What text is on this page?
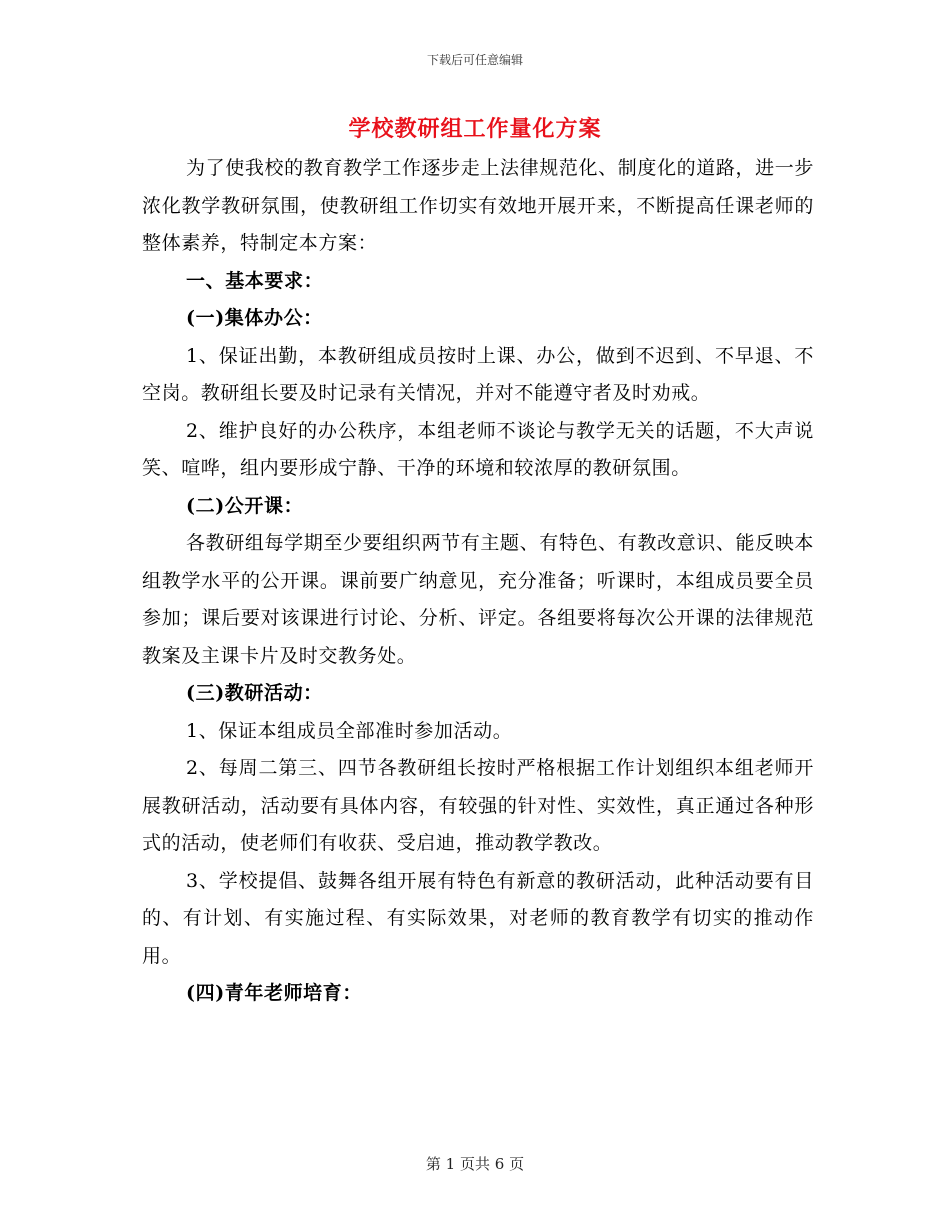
下载后可任意编辑
学校教研组工作量化方案

为了使我校的教育教学工作逐步走上法律规范化、制度化的道路，进一步浓化教学教研氛围，使教研组工作切实有效地开展开来，不断提高任课老师的整体素养，特制定本方案：

一、基本要求：

(一)集体办公：

1、保证出勤，本教研组成员按时上课、办公，做到不迟到、不早退、不空岗。教研组长要及时记录有关情况，并对不能遵守者及时劝戒。

2、维护良好的办公秩序，本组老师不谈论与教学无关的话题，不大声说笑、喧哗，组内要形成宁静、干净的环境和较浓厚的教研氛围。

(二)公开课：

各教研组每学期至少要组织两节有主题、有特色、有教改意识、能反映本组教学水平的公开课。课前要广纳意见，充分准备；听课时，本组成员要全员参加；课后要对该课进行讨论、分析、评定。各组要将每次公开课的法律规范教案及主课卡片及时交教务处。

(三)教研活动：

1、保证本组成员全部准时参加活动。

2、每周二第三、四节各教研组长按时严格根据工作计划组织本组老师开展教研活动，活动要有具体内容，有较强的针对性、实效性，真正通过各种形式的活动，使老师们有收获、受启迪，推动教学教改。

3、学校提倡、鼓舞各组开展有特色有新意的教研活动，此种活动要有目的、有计划、有实施过程、有实际效果，对老师的教育教学有切实的推动作用。

(四)青年老师培育：

第 1 页共 6 页
